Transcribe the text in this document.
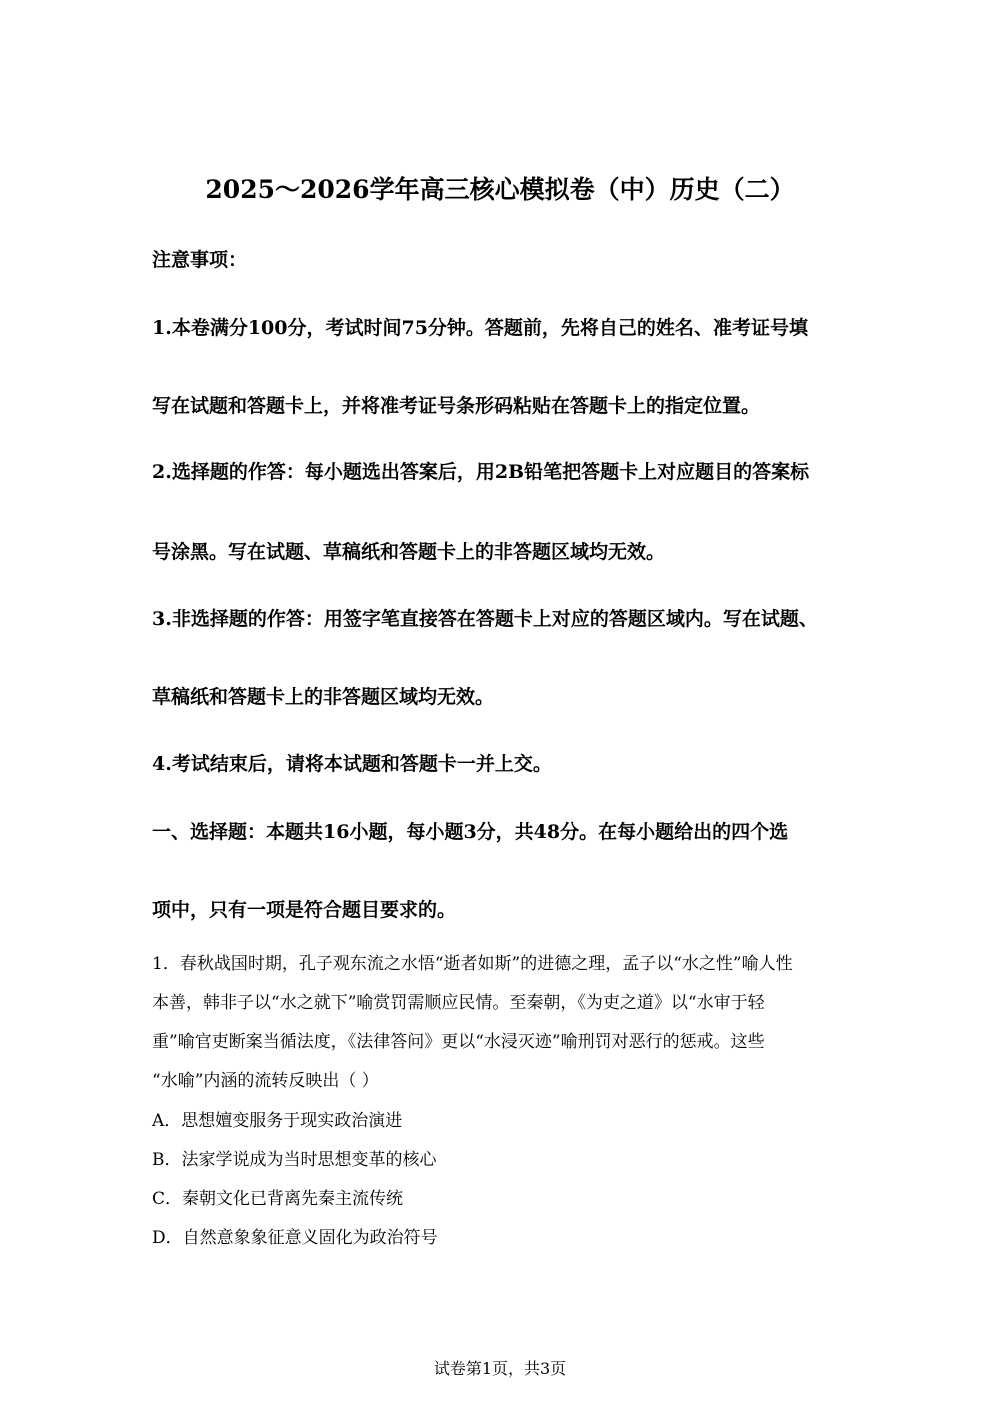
2025～2026学年高三核心模拟卷（中）历史（二）

注意事项：

1.本卷满分100分，考试时间75分钟。答题前，先将自己的姓名、准考证号填

写在试题和答题卡上，并将准考证号条形码粘贴在答题卡上的指定位置。

2.选择题的作答：每小题选出答案后，用2B铅笔把答题卡上对应题目的答案标

号涂黑。写在试题、草稿纸和答题卡上的非答题区域均无效。

3.非选择题的作答：用签字笔直接答在答题卡上对应的答题区域内。写在试题、

草稿纸和答题卡上的非答题区域均无效。

4.考试结束后，请将本试题和答题卡一并上交。

一、选择题：本题共16小题，每小题3分，共48分。在每小题给出的四个选

项中，只有一项是符合题目要求的。

1．春秋战国时期，孔子观东流之水悟“逝者如斯”的进德之理，孟子以“水之性”喻人性

本善，韩非子以“水之就下”喻赏罚需顺应民情。至秦朝，《为吏之道》以“水审于轻

重”喻官吏断案当循法度，《法律答问》更以“水浸灭迹”喻刑罚对恶行的惩戒。这些

“水喻”内涵的流转反映出（ ）

A．思想嬗变服务于现实政治演进

B．法家学说成为当时思想变革的核心

C．秦朝文化已背离先秦主流传统

D．自然意象象征意义固化为政治符号

试卷第1页，共3页
